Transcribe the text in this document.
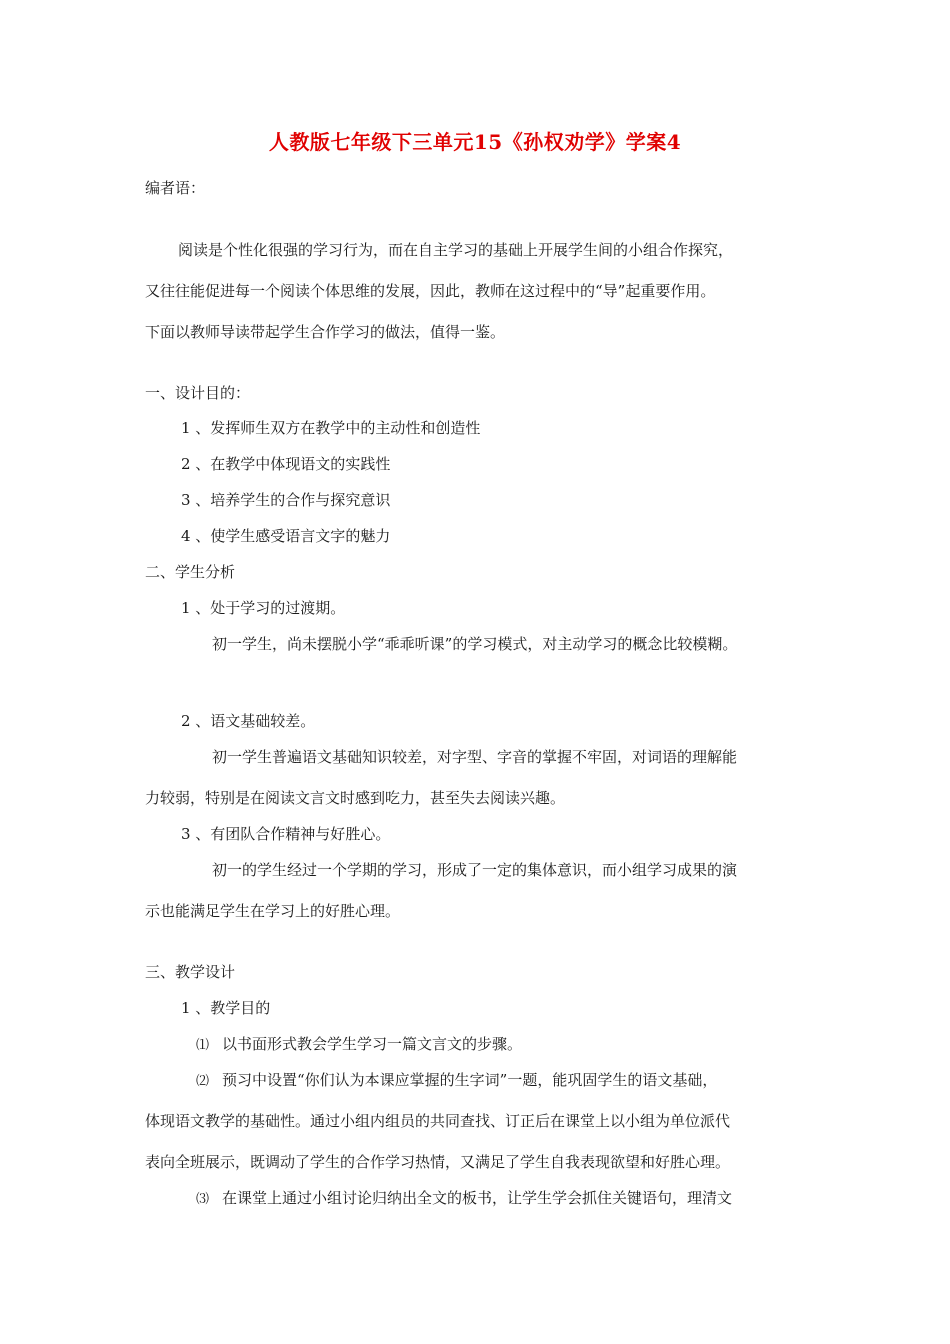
人教版七年级下三单元15《孙权劝学》学案4
编者语：
阅读是个性化很强的学习行为，而在自主学习的基础上开展学生间的小组合作探究，
又往往能促进每一个阅读个体思维的发展，因此，教师在这过程中的“导”起重要作用。
下面以教师导读带起学生合作学习的做法，值得一鉴。
一、设计目的：
1 、发挥师生双方在教学中的主动性和创造性
2 、在教学中体现语文的实践性
3 、培养学生的合作与探究意识
4 、使学生感受语言文字的魅力
二、学生分析
1 、处于学习的过渡期。
初一学生，尚未摆脱小学“乖乖听课”的学习模式，对主动学习的概念比较模糊。
2 、语文基础较差。
初一学生普遍语文基础知识较差，对字型、字音的掌握不牢固，对词语的理解能
力较弱，特别是在阅读文言文时感到吃力，甚至失去阅读兴趣。
3 、有团队合作精神与好胜心。
初一的学生经过一个学期的学习，形成了一定的集体意识，而小组学习成果的演
示也能满足学生在学习上的好胜心理。
三、教学设计
1 、教学目的
⑴ 以书面形式教会学生学习一篇文言文的步骤。
⑵ 预习中设置“你们认为本课应掌握的生字词”一题，能巩固学生的语文基础，
体现语文教学的基础性。通过小组内组员的共同查找、订正后在课堂上以小组为单位派代
表向全班展示，既调动了学生的合作学习热情，又满足了学生自我表现欲望和好胜心理。
⑶ 在课堂上通过小组讨论归纳出全文的板书，让学生学会抓住关键语句，理清文
